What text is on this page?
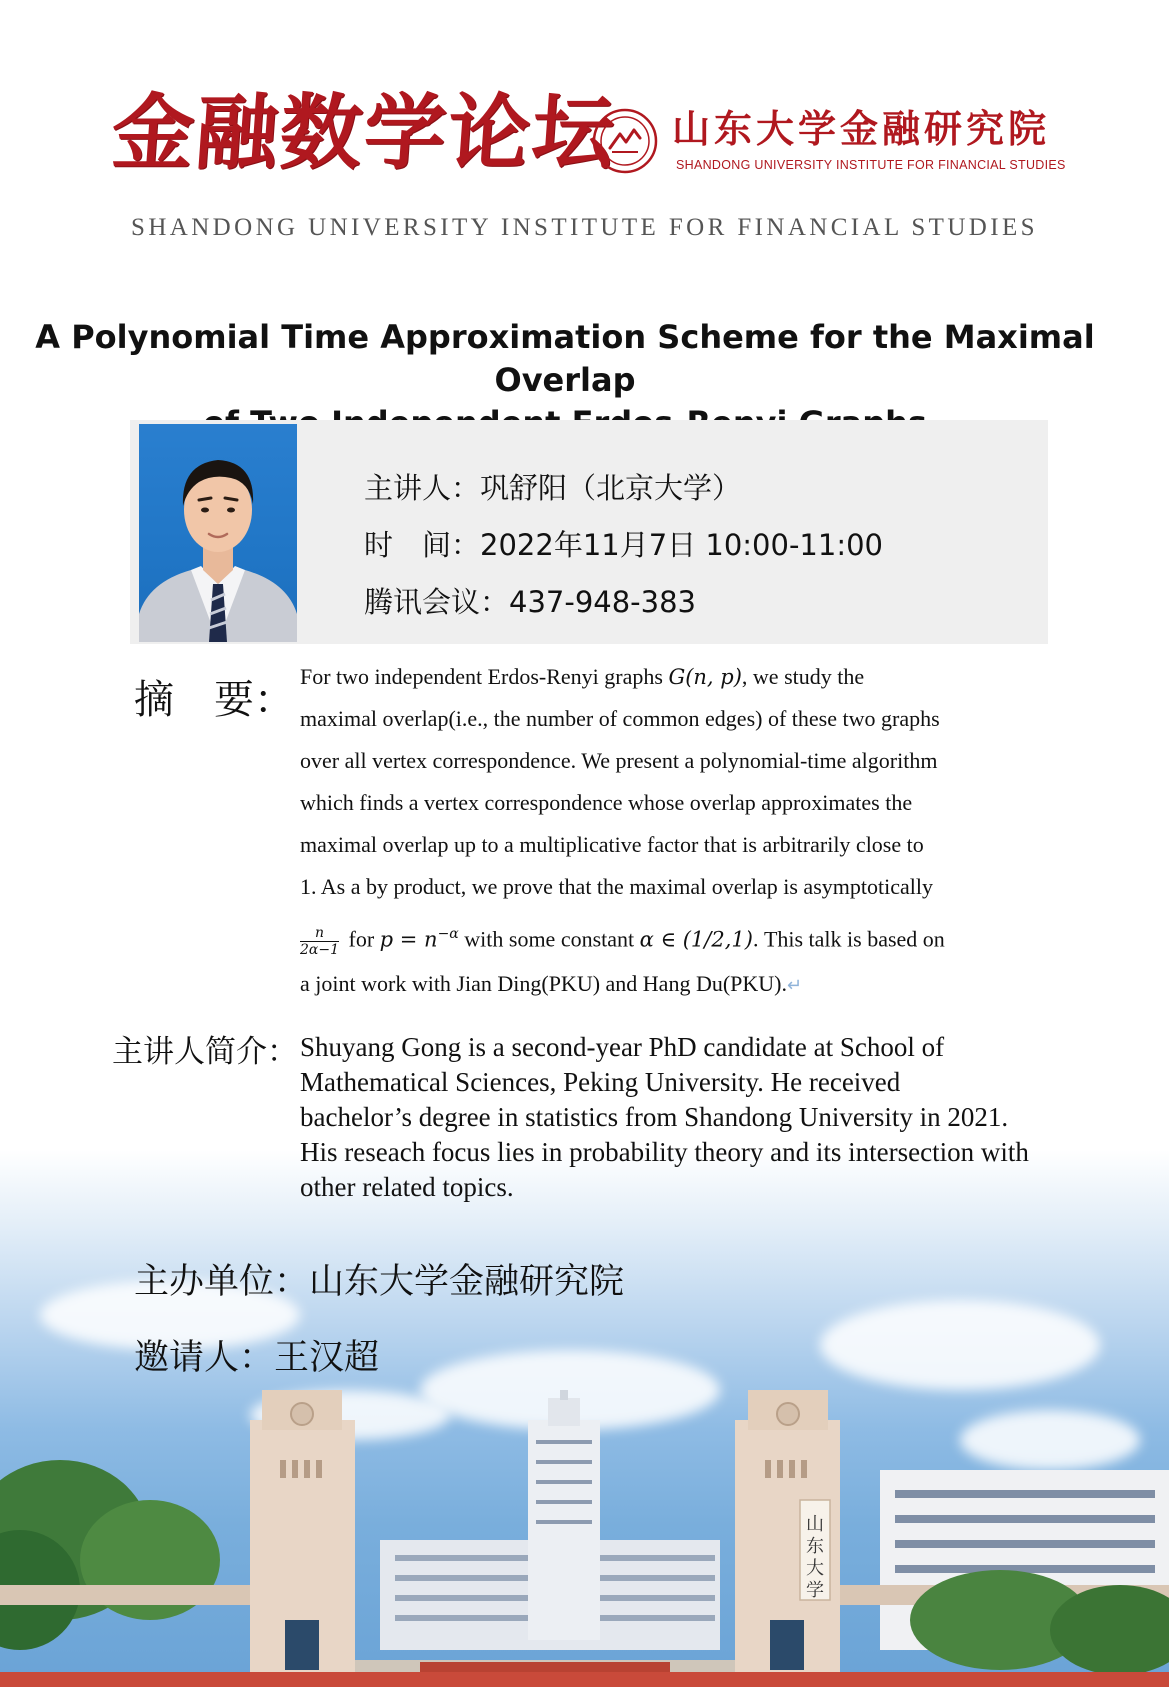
金融数学论坛 山东大学金融研究院
SHANDONG UNIVERSITY INSTITUTE FOR FINANCIAL STUDIES
SHANDONG UNIVERSITY INSTITUTE FOR FINANCIAL STUDIES
A Polynomial Time Approximation Scheme for the Maximal Overlap
主讲人：巩舒阳（北京大学）
时　间：2022年11月7日 10:00-11:00
腾讯会议：437-948-383
摘　要：

For two independent Erdos-Renyi graphs G(n, p), we study the

maximal overlap(i.e., the number of common edges) of these two graphs

over all vertex correspondence. We present a polynomial-time algorithm

which finds a vertex correspondence whose overlap approximates the

maximal overlap up to a multiplicative factor that is arbitrarily close to

1. As a by product, we prove that the maximal overlap is asymptotically

$\frac{n}{2\alpha-1}$ for $p = n^{-\alpha}$ with some constant α ∈ (1/2,1). This talk is based on

a joint work with Jian Ding(PKU) and Hang Du(PKU).↵

主讲人简介： Shuyang Gong is a second-year PhD candidate at School of

Mathematical Sciences, Peking University. He received

bachelor’s degree in statistics from Shandong University in 2021.

His reseach focus lies in probability theory and its intersection with

other related topics.

主办单位：山东大学金融研究院
邀请人：王汉超
山东大学
